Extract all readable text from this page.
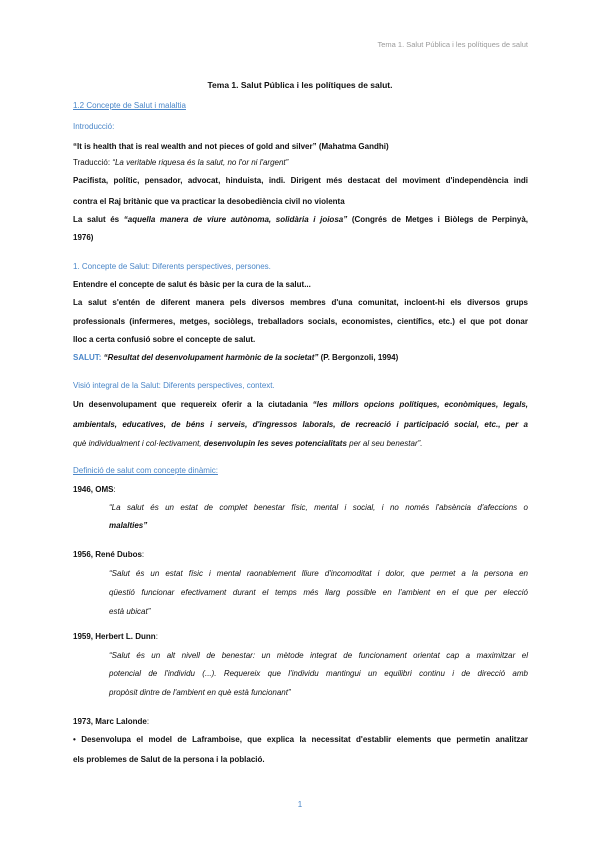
Tema 1. Salut Pública i les polítiques de salut
Tema 1. Salut Pública i les polítiques de salut.
1.2 Concepte de Salut i malaltia
Introducció:
“It is health that is real wealth and not pieces of gold and silver” (Mahatma Gandhi)
Traducció: “La veritable riquesa és la salut, no l'or ni l'argent”
Pacifista, polític, pensador, advocat, hinduista, indi. Dirigent més destacat del moviment d'independència indi
contra el Raj britànic que va practicar la desobediència civil no violenta
La salut és “aquella manera de viure autònoma, solidària i joiosa” (Congrés de Metges i Biòlegs de Perpinyà,
1976)
1. Concepte de Salut: Diferents perspectives, persones.
Entendre el concepte de salut és bàsic per la cura de la salut...
La salut s'entén de diferent manera pels diversos membres d'una comunitat, incloent-hi els diversos grups
professionals (infermeres, metges, sociòlegs, treballadors socials, economistes, científics, etc.) el que pot donar
lloc a certa confusió sobre el concepte de salut.
SALUT: “Resultat del desenvolupament harmònic de la societat” (P. Bergonzoli, 1994)
Visió integral de la Salut: Diferents perspectives, context.
Un desenvolupament que requereix oferir a la ciutadania “les millors opcions polítiques, econòmiques, legals,
ambientals, educatives, de béns i serveis, d'ingressos laborals, de recreació i participació social, etc., per a
què individualment i col·lectivament, desenvolupin les seves potencialitats per al seu benestar”.
Definició de salut com concepte dinàmic:
1946, OMS:
“La salut és un estat de complet benestar físic, mental i social, i no només l'absència d'afeccions o
malalties”
1956, René Dubos:
“Salut és un estat físic i mental raonablement lliure d'incomoditat i dolor, que permet a la persona en
qüestió funcionar efectivament durant el temps més llarg possible en l'ambient en el que per elecció
està ubicat”
1959, Herbert L. Dunn:
“Salut és un alt nivell de benestar: un mètode integrat de funcionament orientat cap a maximitzar el
potencial de l'individu (...). Requereix que l'individu mantingui un equilibri continu i de direcció amb
propòsit dintre de l'ambient en què està funcionant”
1973, Marc Lalonde:
• Desenvolupa el model de Laframboise, que explica la necessitat d'establir elements que permetin analitzar
els problemes de Salut de la persona i la població.
1
